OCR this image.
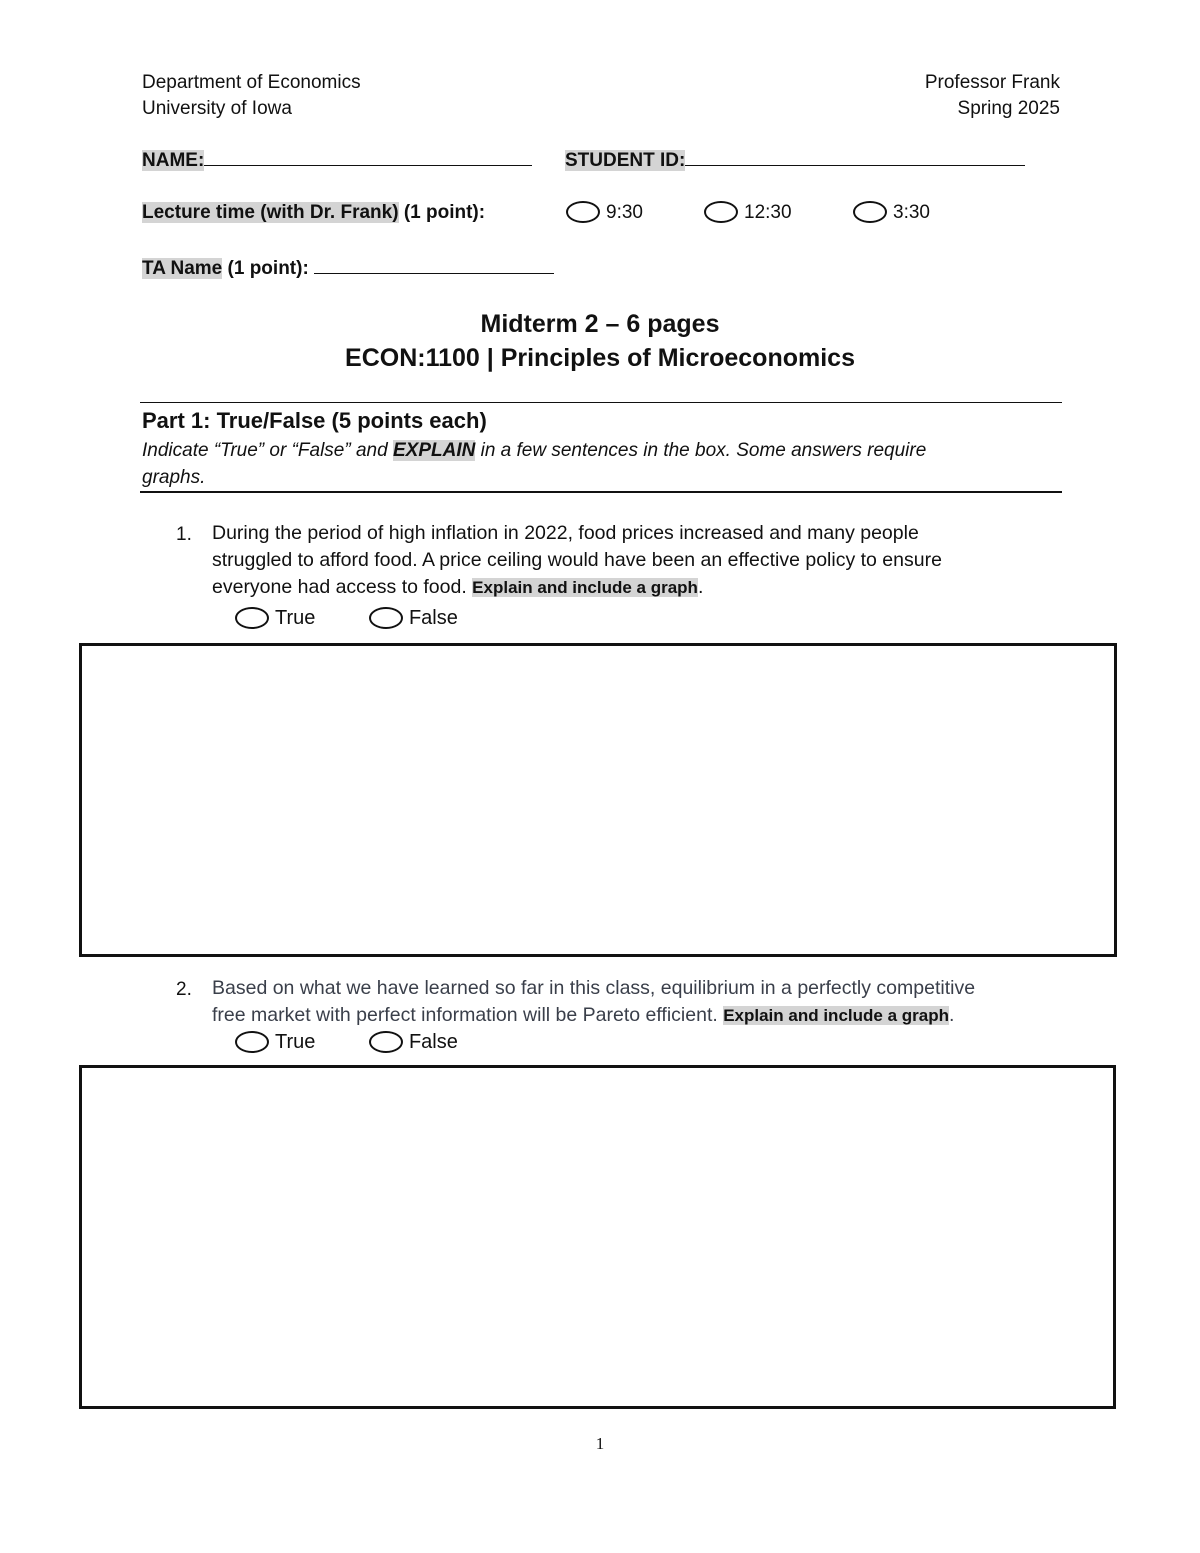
Department of Economics
University of Iowa
Professor Frank
Spring 2025
NAME:	STUDENT ID:
Lecture time (with Dr. Frank) (1 point):	9:30	12:30	3:30
TA Name (1 point):
Midterm 2 – 6 pages
ECON:1100 | Principles of Microeconomics
Part 1: True/False (5 points each)
Indicate “True” or “False” and EXPLAIN in a few sentences in the box. Some answers require
graphs.
1. During the period of high inflation in 2022, food prices increased and many people
struggled to afford food. A price ceiling would have been an effective policy to ensure
everyone had access to food. Explain and include a graph.
True	False
2. Based on what we have learned so far in this class, equilibrium in a perfectly competitive
free market with perfect information will be Pareto efficient. Explain and include a graph.
True	False
1
